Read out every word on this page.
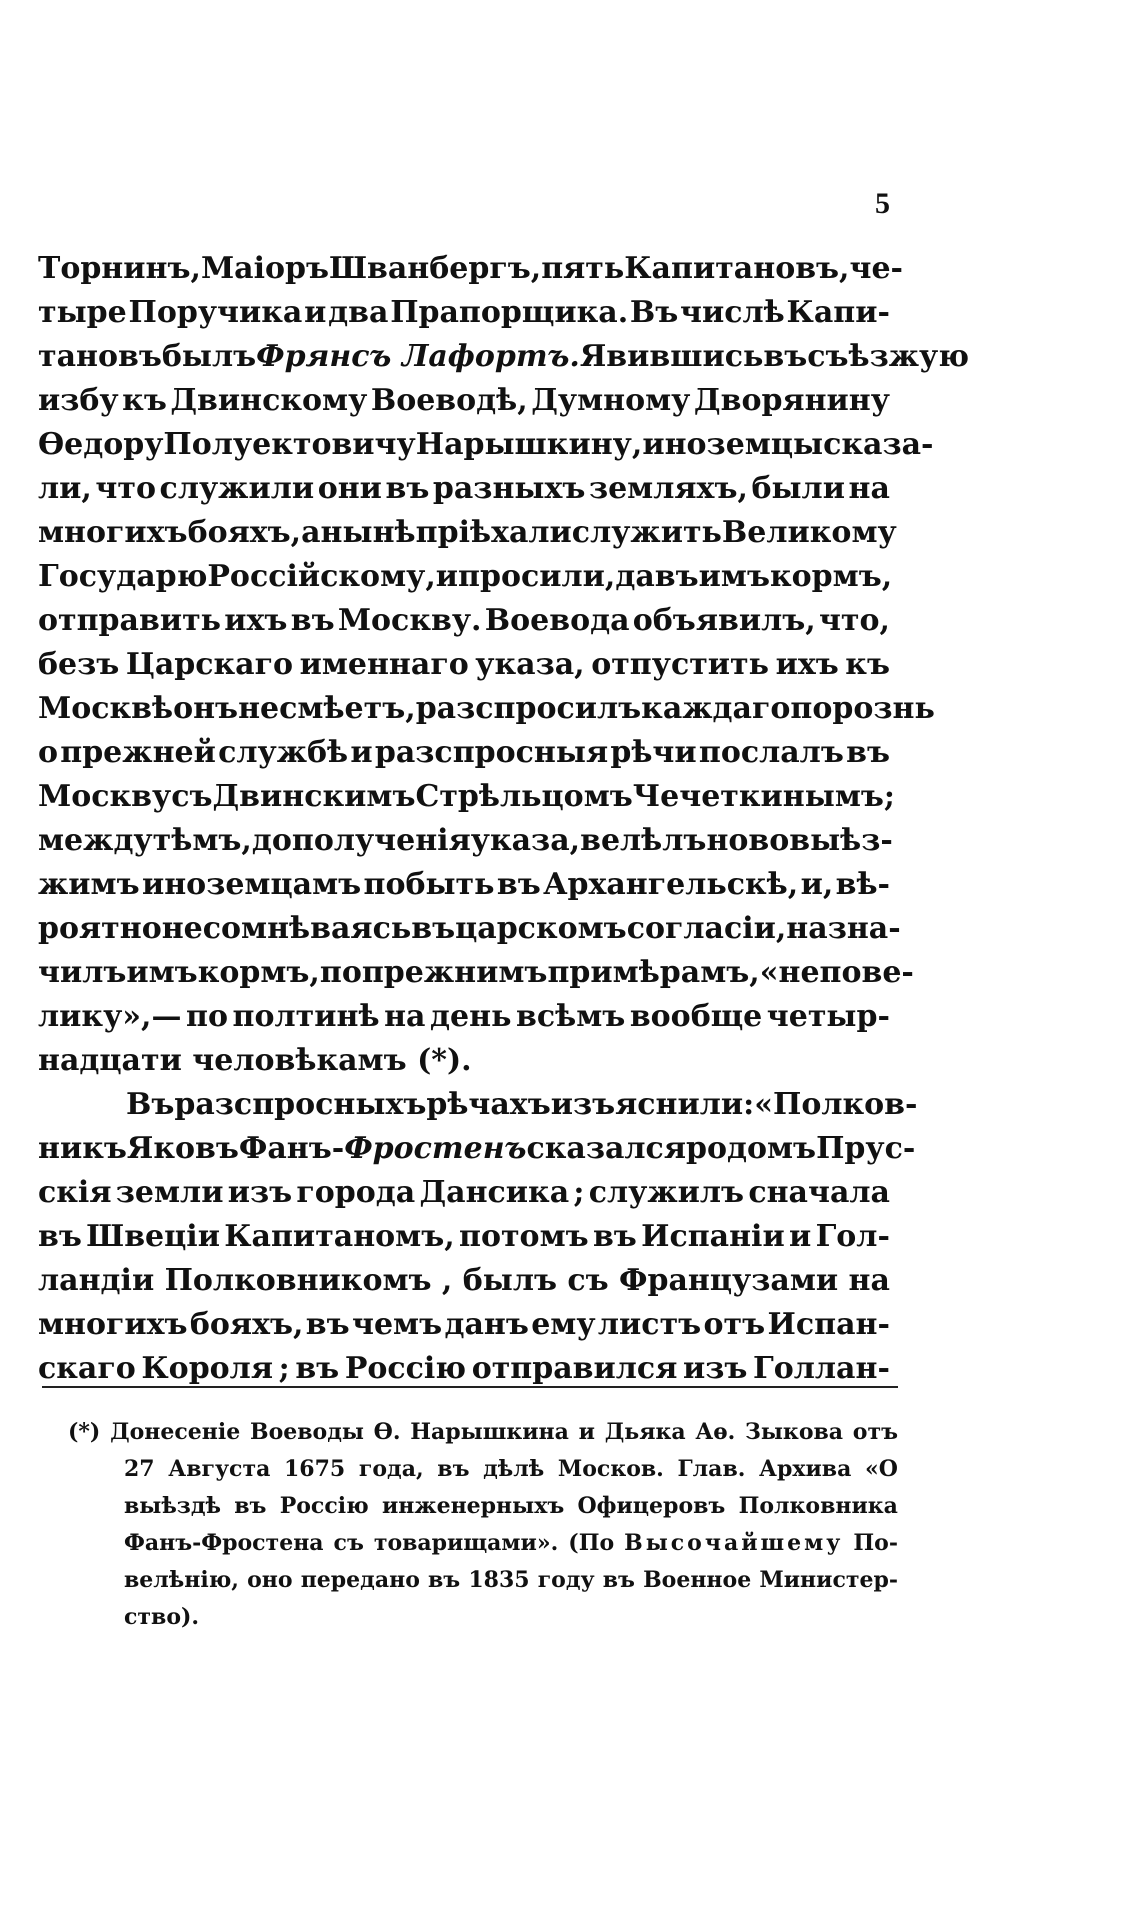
5
Торнинъ, Маіоръ Шванбергъ, пять Капитановъ, че-
тыре Поручика и два Прапорщика. Въ числѣ Капи-
тановъ былъ Фрянсъ Лафортъ. Явившись въ съѣзжую
избу къ Двинскому Воеводѣ, Думному Дворянину
Ѳедору Полуектовичу Нарышкину, иноземцы сказа-
ли, что служили они въ разныхъ земляхъ, были на
многихъ бояхъ, а нынѣ пріѣхали служить Великому
Государю Россійскому, и просили, давъ имъ кормъ,
отправить ихъ въ Москву. Воевода объявилъ, что,
безъ Царскаго именнаго указа, отпустить ихъ къ
Москвѣ онъ не смѣетъ, разспросилъ каждаго порознь
о прежней службѣ и разспросныя рѣчи послалъ въ
Москву съ Двинскимъ Стрѣльцомъ Чечеткинымъ ;
между тѣмъ, до полученія указа, велѣлъ нововыѣз-
жимъ иноземцамъ побыть въ Архангельскѣ, и, вѣ-
роятно не сомнѣваясь въ царскомъ согласіи, назна-
чилъ имъ кормъ, по прежнимъ примѣрамъ, «непове-
лику»,— по полтинѣ на день всѣмъ вообще четыр-
надцати
человѣкамъ
(*).
Въ разспросныхъ рѣчахъ изъяснили : «Полков-
никъ Яковъ Фанъ-Фростенъ сказался родомъ Прус-
скія земли изъ города Дансика ; служилъ сначала
въ Швеціи Капитаномъ, потомъ въ Испаніи и Гол-
ландіи Полковникомъ , былъ съ Французами на
многихъ бояхъ, въ чемъ данъ ему листъ отъ Испан-
скаго Короля ; въ Россію отправился изъ Голлан-
(*) Донесеніе Воеводы Ѳ. Нарышкина и Дьяка Аѳ. Зыкова отъ
27 Августа 1675 года, въ дѣлѣ Москов. Глав. Архива «О
выѣздѣ въ Россію инженерныхъ Офицеровъ Полковника
Фанъ-Фростена съ товарищами». (По Высочайшему По-
велѣнію, оно передано въ 1835 году въ Военное Министер-
ство).
